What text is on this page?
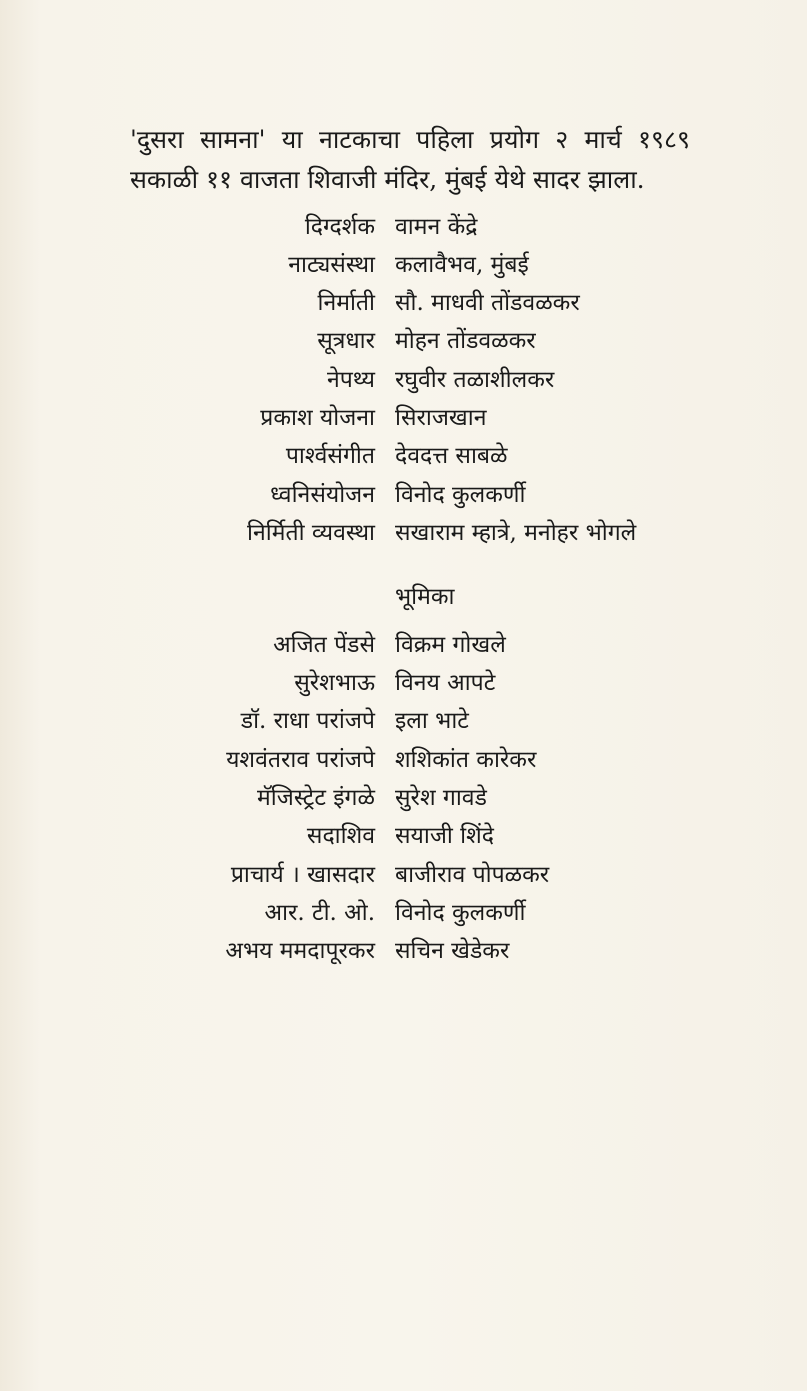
'दुसरा सामना' या नाटकाचा पहिला प्रयोग २ मार्च १९८९ सकाळी ११ वाजता शिवाजी मंदिर, मुंबई येथे सादर झाला.

दिग्दर्शक वामन केंद्रे
नाट्यसंस्था कलावैभव, मुंबई
निर्माती सौ. माधवी तोंडवळकर
सूत्रधार मोहन तोंडवळकर
नेपथ्य रघुवीर तळाशीलकर
प्रकाश योजना सिराजखान
पार्श्वसंगीत देवदत्त साबळे
ध्वनिसंयोजन विनोद कुलकर्णी
निर्मिती व्यवस्था सखाराम म्हात्रे, मनोहर भोगले
भूमिका
अजित पेंडसे विक्रम गोखले
सुरेशभाऊ विनय आपटे
डॉ. राधा परांजपे इला भाटे
यशवंतराव परांजपे शशिकांत कारेकर
मॅजिस्ट्रेट इंगळे सुरेश गावडे
सदाशिव सयाजी शिंदे
प्राचार्य । खासदार बाजीराव पोपळकर
आर. टी. ओ. विनोद कुलकर्णी
अभय ममदापूरकर सचिन खेडेकर
